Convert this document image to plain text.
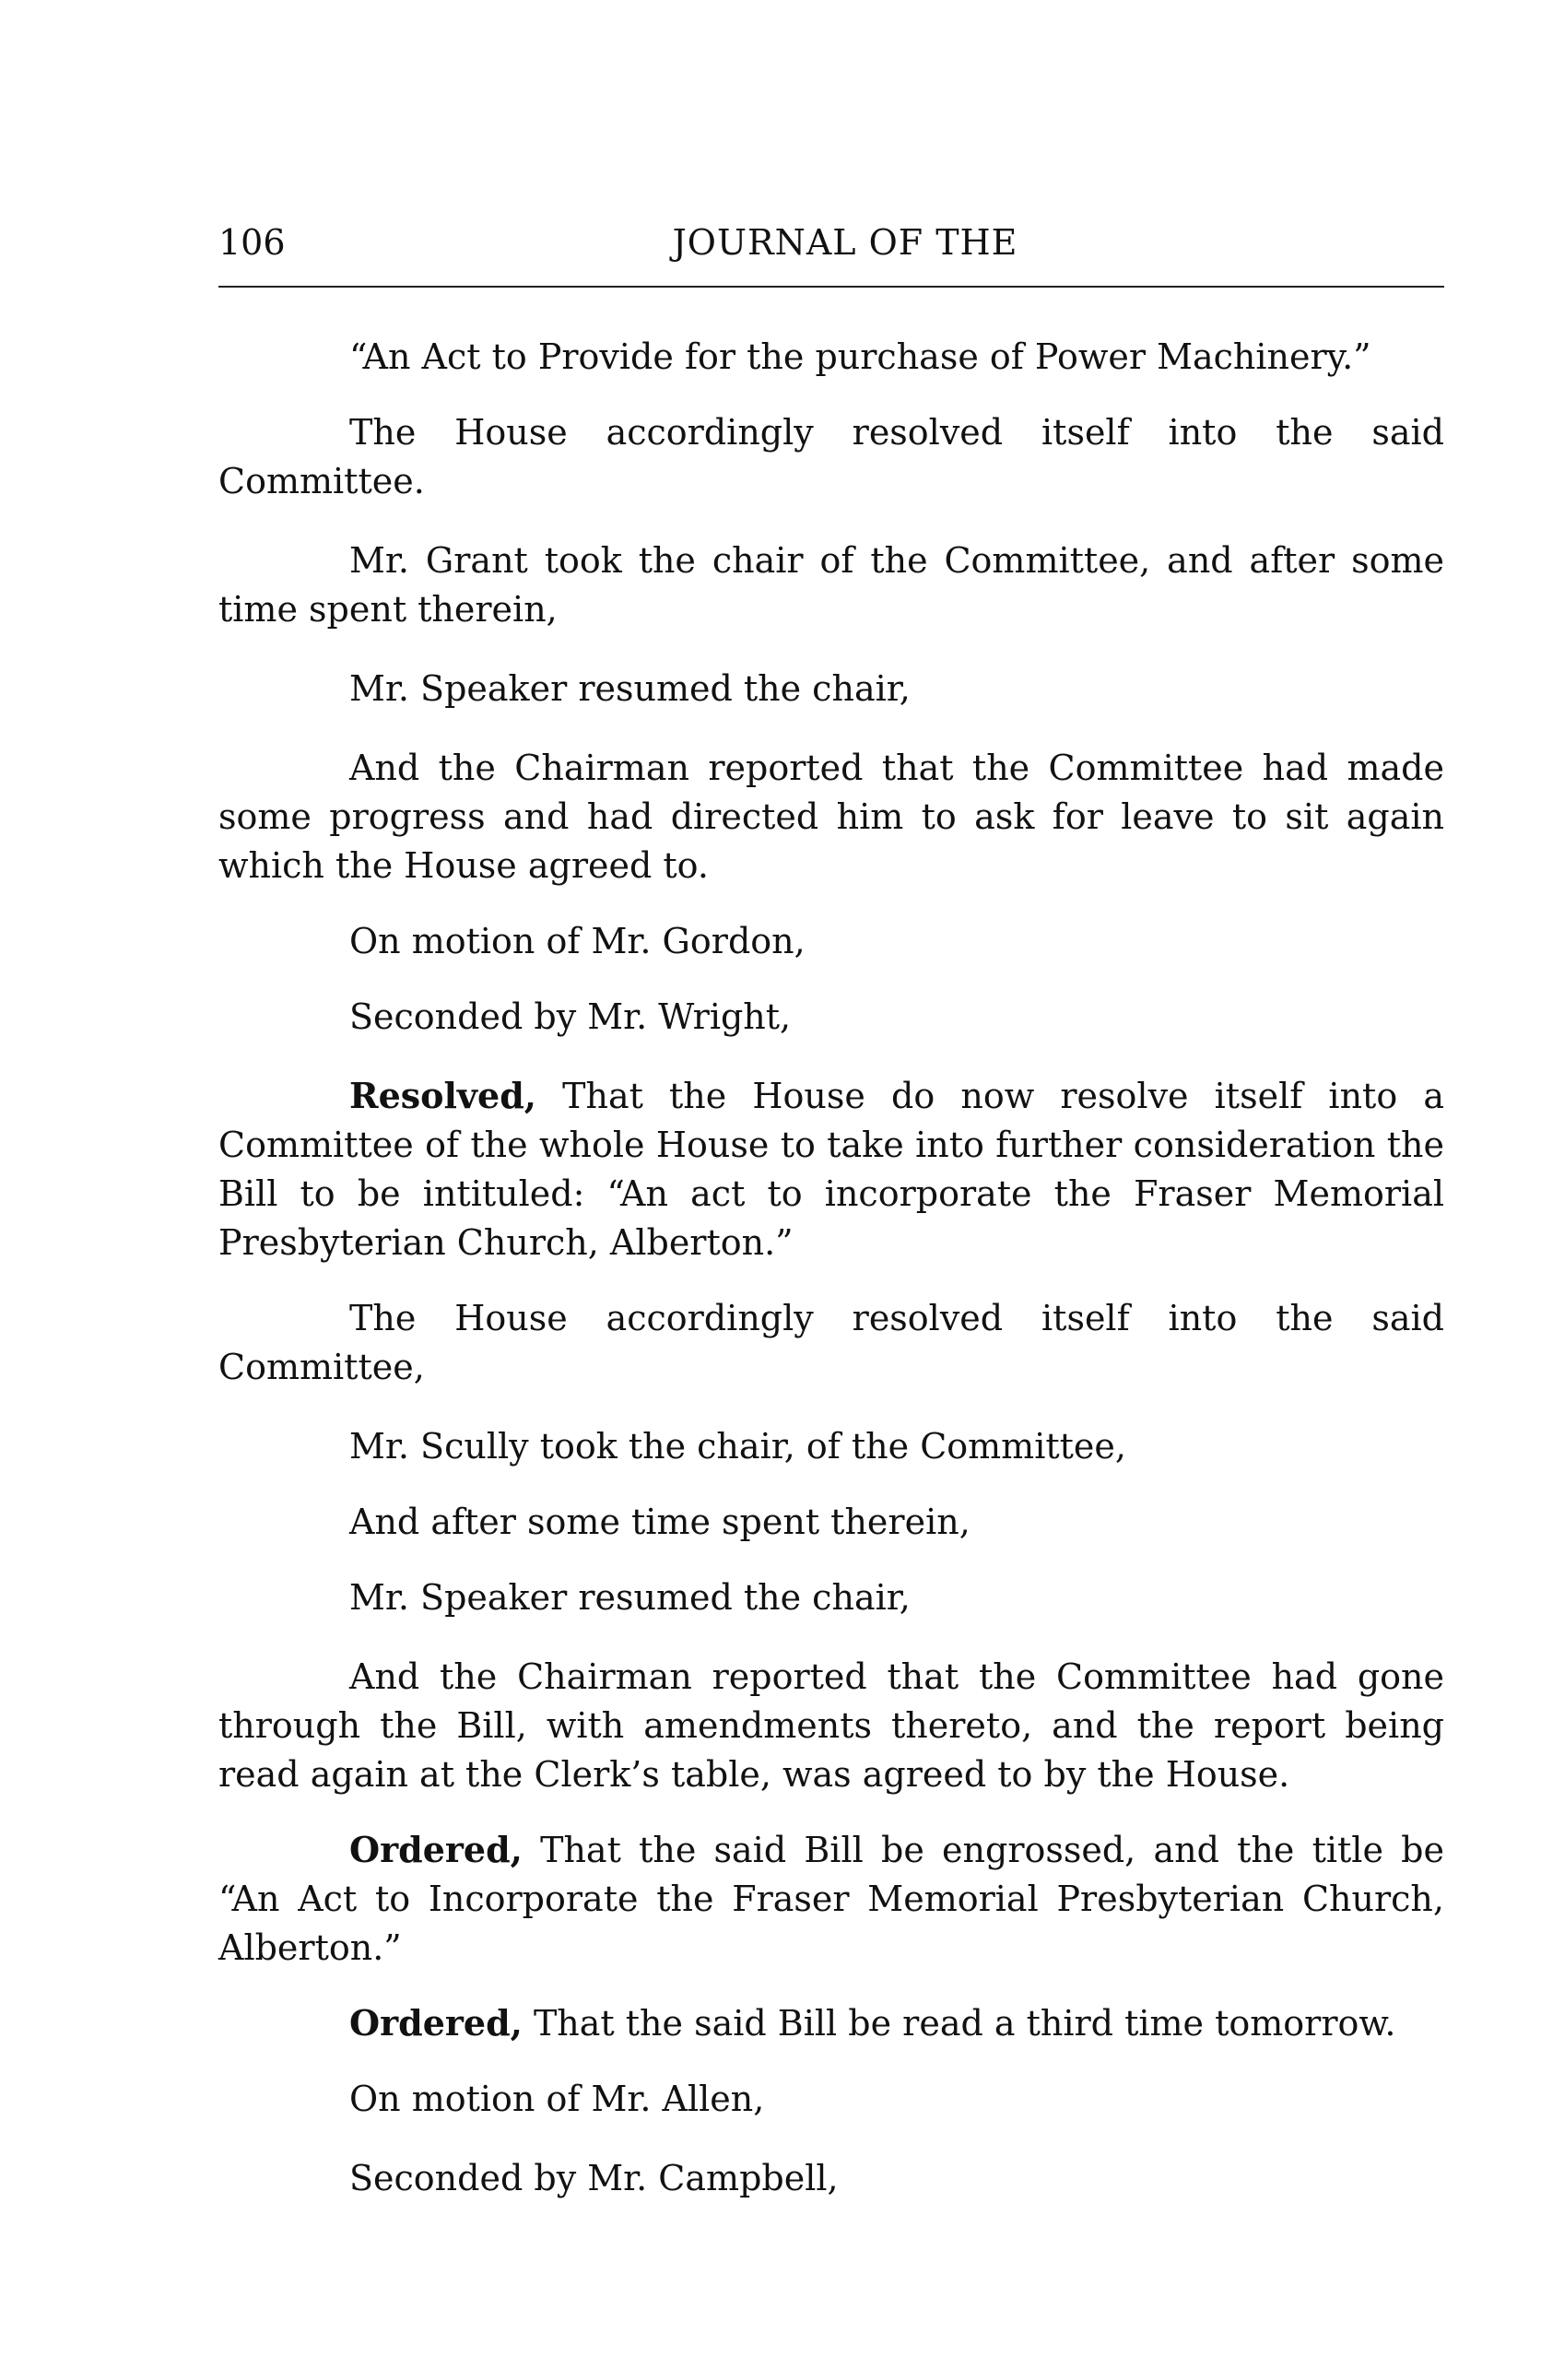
106	JOURNAL OF THE

“An Act to Provide for the purchase of Power Machinery.”

The House accordingly resolved itself into the said Committee.

Mr. Grant took the chair of the Committee, and after some time spent therein,

Mr. Speaker resumed the chair,

And the Chairman reported that the Committee had made some progress and had directed him to ask for leave to sit again which the House agreed to.

On motion of Mr. Gordon,

Seconded by Mr. Wright,

Resolved, That the House do now resolve itself into a Committee of the whole House to take into further consideration the Bill to be intituled: “An act to incorporate the Fraser Memorial Presbyterian Church, Alberton.”

The House accordingly resolved itself into the said Committee,

Mr. Scully took the chair, of the Committee,

And after some time spent therein,

Mr. Speaker resumed the chair,

And the Chairman reported that the Committee had gone through the Bill, with amendments thereto, and the report being read again at the Clerk’s table, was agreed to by the House.

Ordered, That the said Bill be engrossed, and the title be “An Act to Incorporate the Fraser Memorial Presbyterian Church, Alberton.”

Ordered, That the said Bill be read a third time tomorrow.

On motion of Mr. Allen,

Seconded by Mr. Campbell,
